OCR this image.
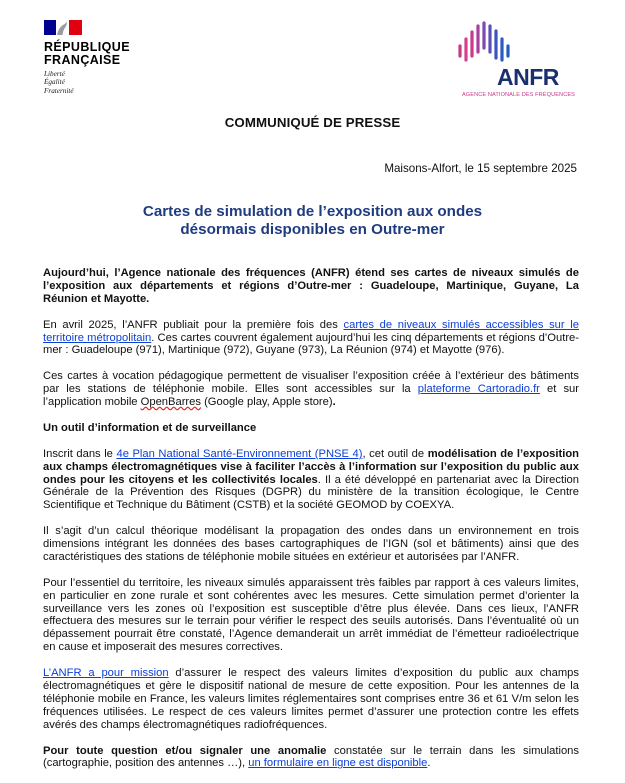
RÉPUBLIQUE
FRANÇAISE
Liberté
Égalité
Fraternité
ANFR
AGENCE NATIONALE DES FRÉQUENCES
COMMUNIQUÉ DE PRESSE
Maisons-Alfort, le 15 septembre 2025
Cartes de simulation de l’exposition aux ondes
désormais disponibles en Outre-mer

Aujourd’hui, l’Agence nationale des fréquences (ANFR) étend ses cartes de niveaux simulés de l’exposition aux départements et régions d’Outre-mer : Guadeloupe, Martinique, Guyane, La Réunion et Mayotte.

En avril 2025, l’ANFR publiait pour la première fois des cartes de niveaux simulés accessibles sur le territoire métropolitain. Ces cartes couvrent également aujourd’hui les cinq départements et régions d’Outre-mer : Guadeloupe (971), Martinique (972), Guyane (973), La Réunion (974) et Mayotte (976).

Ces cartes à vocation pédagogique permettent de visualiser l’exposition créée à l’extérieur des bâtiments par les stations de téléphonie mobile. Elles sont accessibles sur la plateforme Cartoradio.fr et sur l’application mobile OpenBarres (Google play, Apple store).

Un outil d’information et de surveillance

Inscrit dans le 4e Plan National Santé-Environnement (PNSE 4), cet outil de modélisation de l’exposition aux champs électromagnétiques vise à faciliter l’accès à l’information sur l’exposition du public aux ondes pour les citoyens et les collectivités locales. Il a été développé en partenariat avec la Direction Générale de la Prévention des Risques (DGPR) du ministère de la transition écologique, le Centre Scientifique et Technique du Bâtiment (CSTB) et la société GEOMOD by COEXYA.

Il s’agit d’un calcul théorique modélisant la propagation des ondes dans un environnement en trois dimensions intégrant les données des bases cartographiques de l’IGN (sol et bâtiments) ainsi que des caractéristiques des stations de téléphonie mobile situées en extérieur et autorisées par l’ANFR.

Pour l’essentiel du territoire, les niveaux simulés apparaissent très faibles par rapport à ces valeurs limites, en particulier en zone rurale et sont cohérentes avec les mesures. Cette simulation permet d’orienter la surveillance vers les zones où l’exposition est susceptible d’être plus élevée. Dans ces lieux, l’ANFR effectuera des mesures sur le terrain pour vérifier le respect des seuils autorisés. Dans l’éventualité où un dépassement pourrait être constaté, l’Agence demanderait un arrêt immédiat de l’émetteur radioélectrique en cause et imposerait des mesures correctives.

L’ANFR a pour mission d’assurer le respect des valeurs limites d’exposition du public aux champs électromagnétiques et gère le dispositif national de mesure de cette exposition. Pour les antennes de la téléphonie mobile en France, les valeurs limites réglementaires sont comprises entre 36 et 61 V/m selon les fréquences utilisées. Le respect de ces valeurs limites permet d’assurer une protection contre les effets avérés des champs électromagnétiques radiofréquences.

Pour toute question et/ou signaler une anomalie constatée sur le terrain dans les simulations (cartographie, position des antennes …), un formulaire en ligne est disponible.
